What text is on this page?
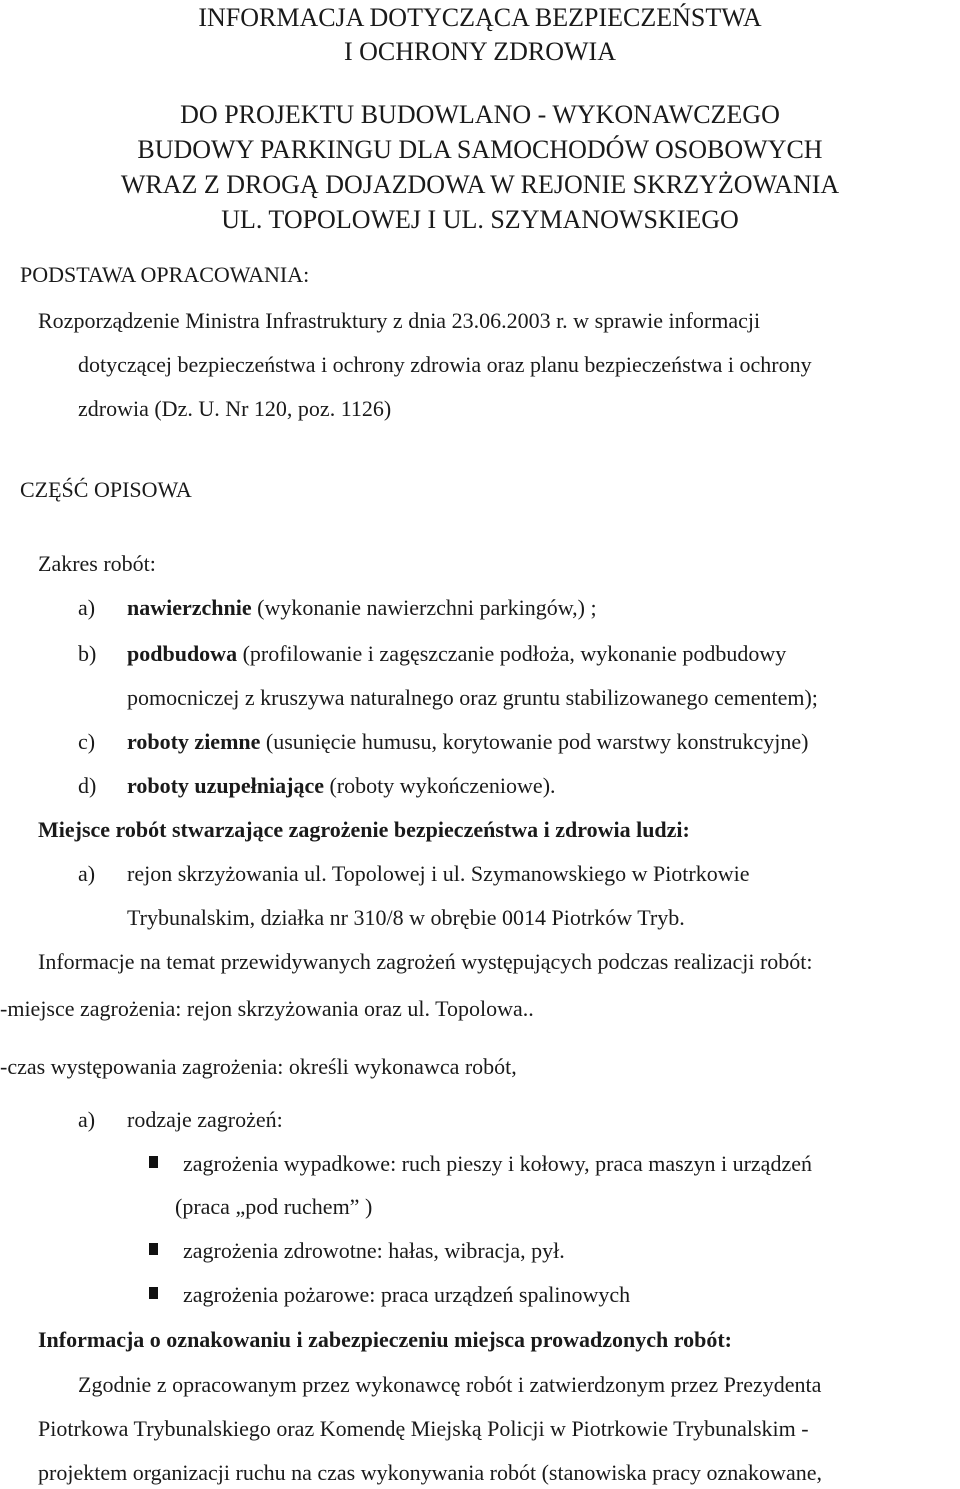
INFORMACJA DOTYCZĄCA BEZPIECZEŃSTWA
I OCHRONY ZDROWIA
DO PROJEKTU BUDOWLANO - WYKONAWCZEGO
BUDOWY PARKINGU DLA SAMOCHODÓW OSOBOWYCH
WRAZ Z DROGĄ DOJAZDOWA W REJONIE SKRZYŻOWANIA
UL. TOPOLOWEJ I UL. SZYMANOWSKIEGO
PODSTAWA OPRACOWANIA:
Rozporządzenie Ministra Infrastruktury z dnia 23.06.2003 r. w sprawie informacji
dotyczącej bezpieczeństwa i ochrony zdrowia oraz planu bezpieczeństwa i ochrony
zdrowia (Dz. U. Nr 120, poz. 1126)
CZĘŚĆ OPISOWA
Zakres robót:
a) nawierzchnie (wykonanie nawierzchni parkingów,) ;
b) podbudowa (profilowanie i zagęszczanie podłoża, wykonanie podbudowy
pomocniczej z kruszywa naturalnego oraz gruntu stabilizowanego cementem);
c) roboty ziemne (usunięcie humusu, korytowanie pod warstwy konstrukcyjne)
d) roboty uzupełniające (roboty wykończeniowe).
Miejsce robót stwarzające zagrożenie bezpieczeństwa i zdrowia ludzi:
a) rejon skrzyżowania ul. Topolowej i ul. Szymanowskiego w Piotrkowie
Trybunalskim, działka nr 310/8 w obrębie 0014 Piotrków Tryb.
Informacje na temat przewidywanych zagrożeń występujących podczas realizacji robót:
-miejsce zagrożenia: rejon skrzyżowania oraz ul. Topolowa..
-czas występowania zagrożenia: określi wykonawca robót,
a) rodzaje zagrożeń:
zagrożenia wypadkowe: ruch pieszy i kołowy, praca maszyn i urządzeń
(praca „pod ruchem” )
zagrożenia zdrowotne: hałas, wibracja, pył.
zagrożenia pożarowe: praca urządzeń spalinowych
Informacja o oznakowaniu i zabezpieczeniu miejsca prowadzonych robót:
Zgodnie z opracowanym przez wykonawcę robót i zatwierdzonym przez Prezydenta
Piotrkowa Trybunalskiego oraz Komendę Miejską Policji w Piotrkowie Trybunalskim -
projektem organizacji ruchu na czas wykonywania robót (stanowiska pracy oznakowane,
